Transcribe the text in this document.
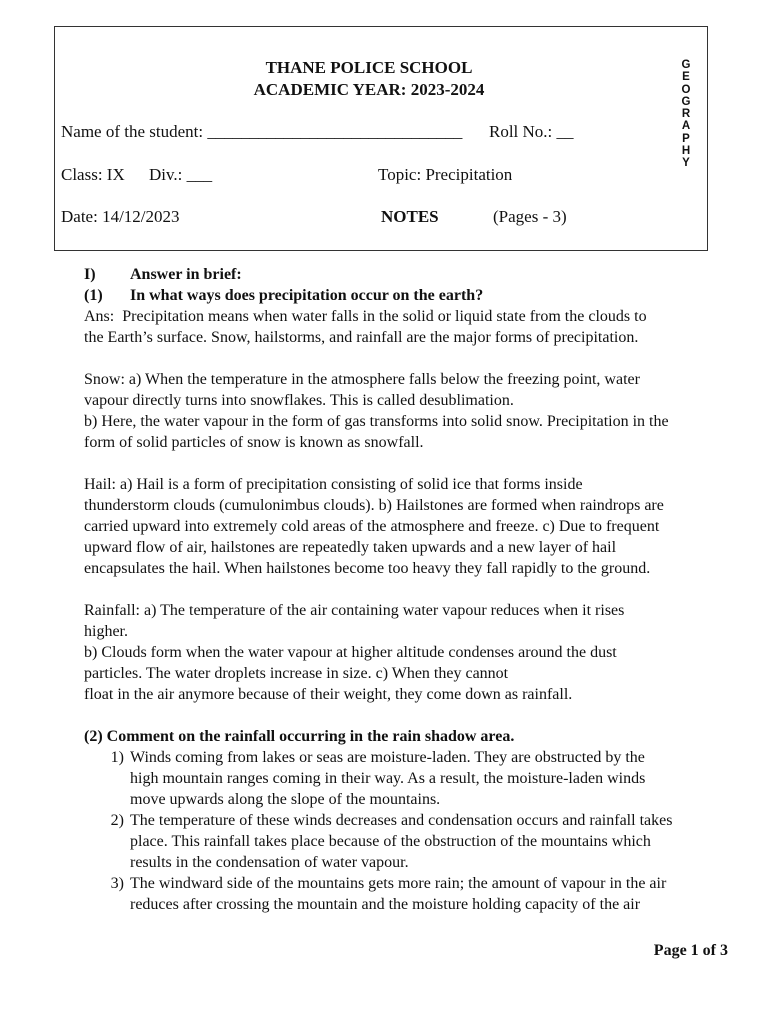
THANE POLICE SCHOOL
ACADEMIC YEAR: 2023-2024
Name of the student: ______________________________ Roll No.: __
Class: IX Div.: ___	Topic: Precipitation
Date: 14/12/2023	NOTES	(Pages - 3)
G
E
O
G
R
A
P
H
Y
I)	Answer in brief:
(1)	In what ways does precipitation occur on the earth?

Ans: Precipitation means when water falls in the solid or liquid state from the clouds to

the Earth’s surface. Snow, hailstorms, and rainfall are the major forms of precipitation.

Snow: a) When the temperature in the atmosphere falls below the freezing point, water

vapour directly turns into snowflakes. This is called desublimation.

b) Here, the water vapour in the form of gas transforms into solid snow. Precipitation in the

form of solid particles of snow is known as snowfall.

Hail: a) Hail is a form of precipitation consisting of solid ice that forms inside

thunderstorm clouds (cumulonimbus clouds). b) Hailstones are formed when raindrops are

carried upward into extremely cold areas of the atmosphere and freeze. c) Due to frequent

upward flow of air, hailstones are repeatedly taken upwards and a new layer of hail

encapsulates the hail. When hailstones become too heavy they fall rapidly to the ground.

Rainfall: a) The temperature of the air containing water vapour reduces when it rises

higher.

b) Clouds form when the water vapour at higher altitude condenses around the dust

particles. The water droplets increase in size. c) When they cannot

float in the air anymore because of their weight, they come down as rainfall.

(2) Comment on the rainfall occurring in the rain shadow area.

1) Winds coming from lakes or seas are moisture-laden. They are obstructed by the
high mountain ranges coming in their way. As a result, the moisture-laden winds
move upwards along the slope of the mountains.
2) The temperature of these winds decreases and condensation occurs and rainfall takes
place. This rainfall takes place because of the obstruction of the mountains which
results in the condensation of water vapour.
3) The windward side of the mountains gets more rain; the amount of vapour in the air
reduces after crossing the mountain and the moisture holding capacity of the air
Page 1 of 3
